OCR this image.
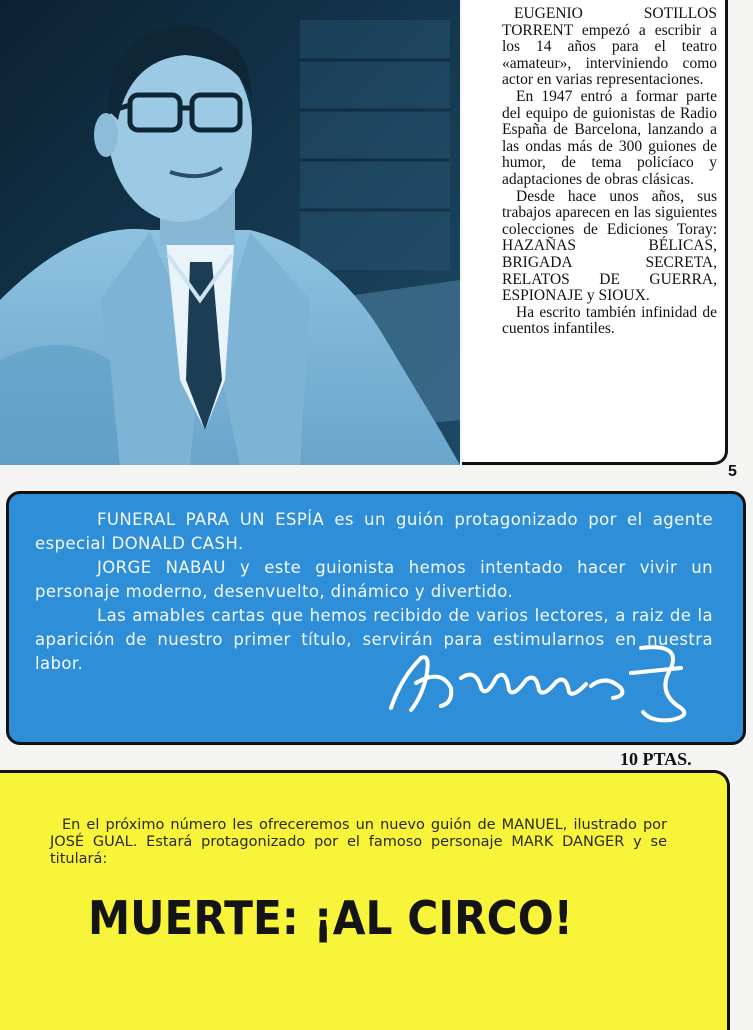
EUGENIO SOTILLOS TORRENT empezó a escribir a los 14 años para el teatro «amateur», interviniendo como actor en varias representaciones.

En 1947 entró a formar parte del equipo de guionistas de Radio España de Barcelona, lanzando a las ondas más de 300 guiones de humor, de tema policíaco y adaptaciones de obras clásicas.

Desde hace unos años, sus trabajos aparecen en las siguientes colecciones de Ediciones Toray: HAZAÑAS BÉLICAS, BRIGADA SECRETA, RELATOS DE GUERRA, ESPIONAJE y SIOUX.

Ha escrito también infinidad de cuentos infantiles.

5

FUNERAL PARA UN ESPÍA es un guión protagonizado por el agente especial DONALD CASH.

JORGE NABAU y este guionista hemos intentado hacer vivir un personaje moderno, desenvuelto, dinámico y divertido.

Las amables cartas que hemos recibido de varios lectores, a raiz de la aparición de nuestro primer título, servirán para estimularnos en nuestra labor.

10 PTAS.

En el próximo número les ofreceremos un nuevo guión de MANUEL, ilustrado por JOSÉ GUAL. Estará protagonizado por el famoso personaje MARK DANGER y se titulará:

MUERTE: ¡AL CIRCO!
